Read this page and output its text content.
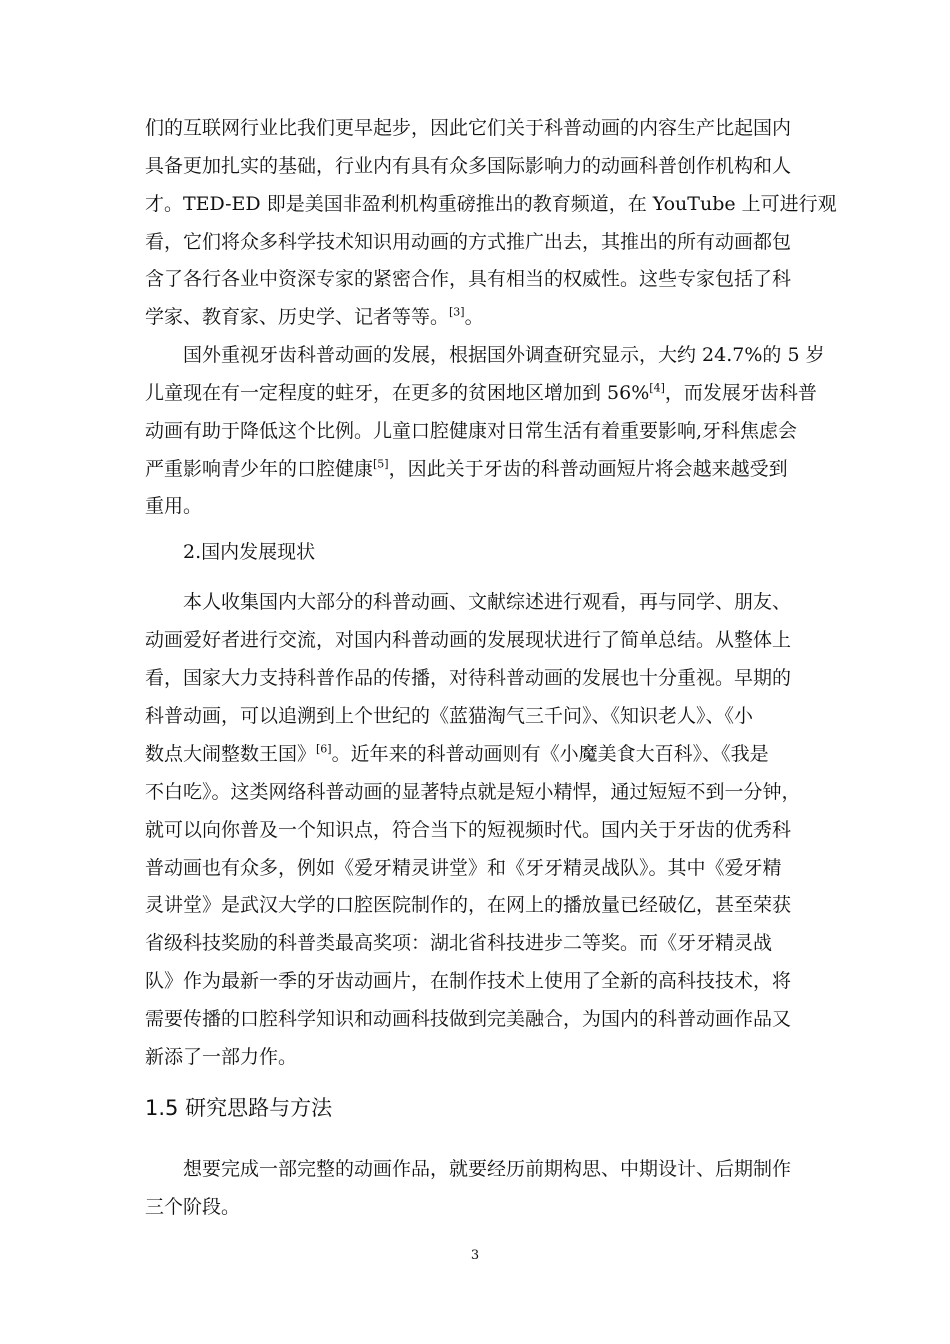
们的互联网行业比我们更早起步，因此它们关于科普动画的内容生产比起国内
具备更加扎实的基础，行业内有具有众多国际影响力的动画科普创作机构和人
才。TED-ED 即是美国非盈利机构重磅推出的教育频道，在 YouTube 上可进行观
看，它们将众多科学技术知识用动画的方式推广出去，其推出的所有动画都包
含了各行各业中资深专家的紧密合作，具有相当的权威性。这些专家包括了科
学家、教育家、历史学、记者等等。[3]。
国外重视牙齿科普动画的发展，根据国外调查研究显示，大约 24.7%的 5 岁
儿童现在有一定程度的蛀牙，在更多的贫困地区增加到 56%[4]，而发展牙齿科普
动画有助于降低这个比例。儿童口腔健康对日常生活有着重要影响,牙科焦虑会
严重影响青少年的口腔健康[5]，因此关于牙齿的科普动画短片将会越来越受到
重用。
2.国内发展现状
本人收集国内大部分的科普动画、文献综述进行观看，再与同学、朋友、
动画爱好者进行交流，对国内科普动画的发展现状进行了简单总结。从整体上
看，国家大力支持科普作品的传播，对待科普动画的发展也十分重视。早期的
科普动画，可以追溯到上个世纪的《蓝猫淘气三千问》、《知识老人》、《小
数点大闹整数王国》[6]。近年来的科普动画则有《小魔美食大百科》、《我是
不白吃》。这类网络科普动画的显著特点就是短小精悍，通过短短不到一分钟，
就可以向你普及一个知识点，符合当下的短视频时代。国内关于牙齿的优秀科
普动画也有众多，例如《爱牙精灵讲堂》和《牙牙精灵战队》。其中《爱牙精
灵讲堂》是武汉大学的口腔医院制作的，在网上的播放量已经破亿，甚至荣获
省级科技奖励的科普类最高奖项：湖北省科技进步二等奖。而《牙牙精灵战
队》作为最新一季的牙齿动画片，在制作技术上使用了全新的高科技技术，将
需要传播的口腔科学知识和动画科技做到完美融合，为国内的科普动画作品又
新添了一部力作。
1.5 研究思路与方法
想要完成一部完整的动画作品，就要经历前期构思、中期设计、后期制作
三个阶段。
3
